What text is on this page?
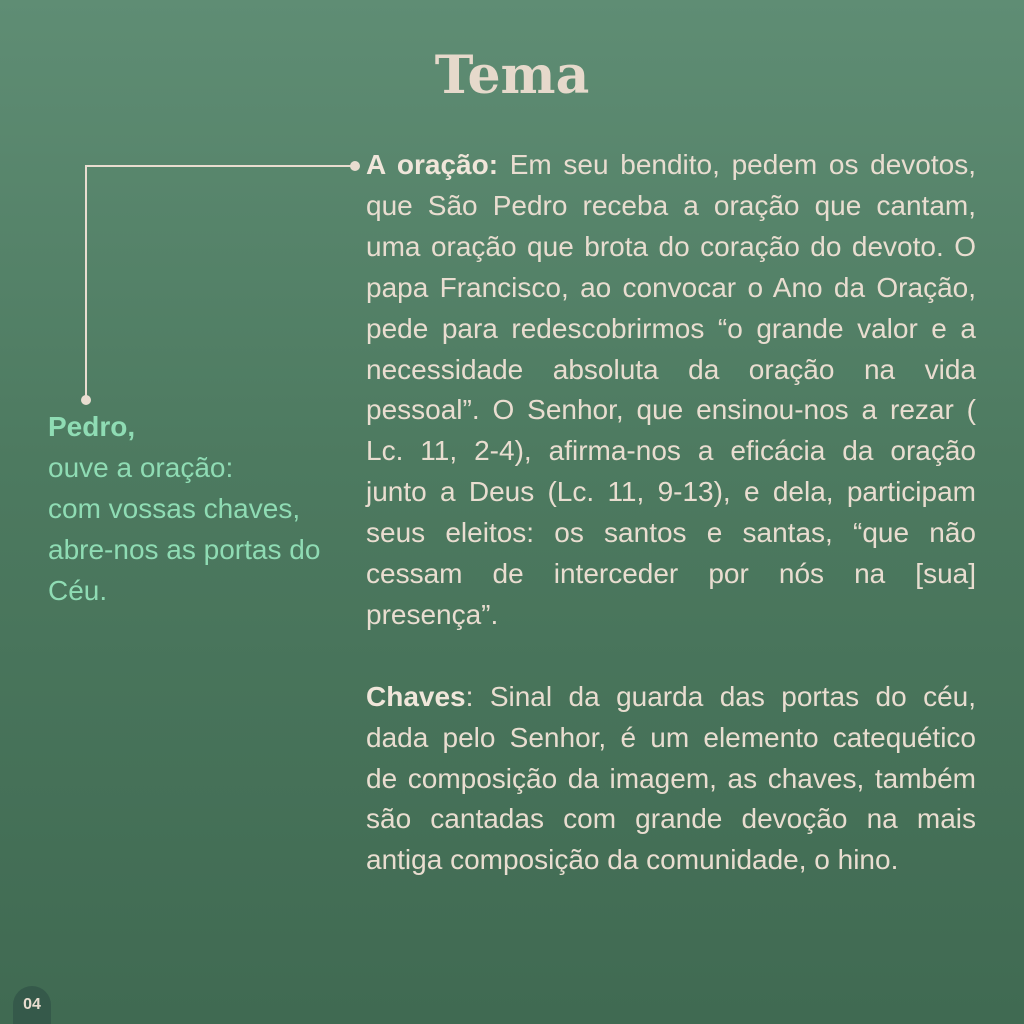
Tema
Pedro,
ouve a oração:
com vossas chaves, abre-nos as portas do Céu.

A oração: Em seu bendito, pedem os devotos, que São Pedro receba a oração que cantam, uma oração que brota do coração do devoto. O papa Francisco, ao convocar o Ano da Oração, pede para redescobrirmos “o grande valor e a necessidade absoluta da oração na vida pessoal”. O Senhor, que ensinou-nos a rezar ( Lc. 11, 2-4), afirma-nos a eficácia da oração junto a Deus (Lc. 11, 9-13), e dela, participam seus eleitos: os santos e santas, “que não cessam de interceder por nós na [sua] presença”.

Chaves: Sinal da guarda das portas do céu, dada pelo Senhor, é um elemento catequético de composição da imagem, as chaves, também são cantadas com grande devoção na mais antiga composição da comunidade, o hino.

04
